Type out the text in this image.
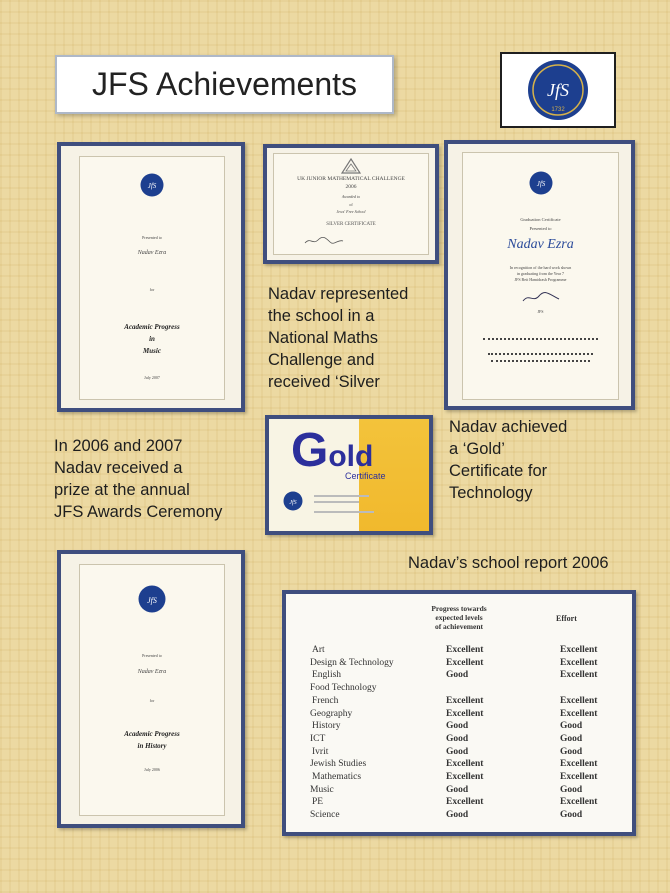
JFS Achievements	JfS
1732
JfS
Presented to
Nadav Ezra
for
Academic Progress
in
Music
July 2007
UK JUNIOR MATHEMATICAL CHALLENGE
2006
Awarded to
of
Jews' Free School
SILVER CERTIFICATE
JfS
Graduation Certificate
Presented to
Nadav Ezra
In recognition of the hard work shown
in graduating from the Year 7
JFS Beit Hamidrash Programme
JFS
Nadav represented
the school in a
National Maths
Challenge and
received ‘Silver
Gold
Certificate
JfS
In 2006 and 2007
Nadav received a
prize at the annual
JFS Awards Ceremony
Nadav achieved
a ‘Gold’
Certificate for
Technology
JfS
Presented to
Nadav Ezra
for
Academic Progress
in History
July 2006
Nadav’s school report 2006
Progress towards
expected levels
of achievement
Effort
Art	Excellent	Excellent
Design & Technology	Excellent	Excellent
English	Good	Excellent
Food Technology
French	Excellent	Excellent
Geography	Excellent	Excellent
History	Good	Good
ICT	Good	Good
Ivrit	Good	Good
Jewish Studies	Excellent	Excellent
Mathematics	Excellent	Excellent
Music	Good	Good
PE	Excellent	Excellent
Science	Good	Good
